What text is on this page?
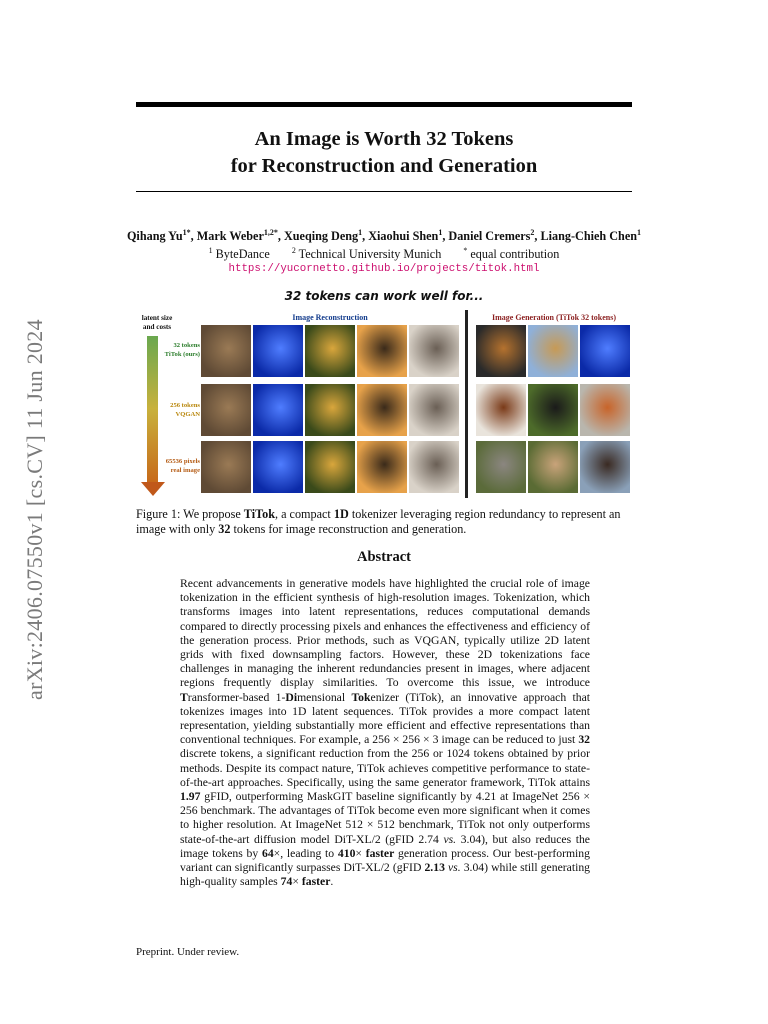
arXiv:2406.07550v1 [cs.CV] 11 Jun 2024
An Image is Worth 32 Tokens
for Reconstruction and Generation
Qihang $Yu^{1*}$, Mark Weber$^{1,2*}$, Xueqing Deng$^1$, Xiaohui Shen$^1$, Daniel Cremers$^2$, Liang-Chieh Chen$^1$
$^1$ ByteDance	$^2$ Technical University Munich	* equal contribution
https://yucornetto.github.io/projects/titok.html
32 tokens can work well for...
latent size
and costs
Image Reconstruction	Image Generation (TiTok 32 tokens)
32 tokens
TiTok (ours)
256 tokens
VQGAN
65536 pixels
real image
Figure 1: We propose TiTok, a compact 1D tokenizer leveraging region redundancy to represent an image with only 32 tokens for image reconstruction and generation.
Abstract
Recent advancements in generative models have highlighted the crucial role of image tokenization in the efficient synthesis of high-resolution images. Tokenization, which transforms images into latent representations, reduces computational demands compared to directly processing pixels and enhances the effectiveness and efficiency of the generation process. Prior methods, such as VQGAN, typically utilize 2D latent grids with fixed downsampling factors. However, these 2D tokenizations face challenges in managing the inherent redundancies present in images, where adjacent regions frequently display similarities. To overcome this issue, we introduce Transformer-based 1-Dimensional Tokenizer (TiTok), an innovative approach that tokenizes images into 1D latent sequences. TiTok provides a more compact latent representation, yielding substantially more efficient and effective representations than conventional techniques. For example, a 256 × 256 × 3 image can be reduced to just 32 discrete tokens, a significant reduction from the 256 or 1024 tokens obtained by prior methods. Despite its compact nature, TiTok achieves competitive performance to state-of-the-art approaches. Specifically, using the same generator framework, TiTok attains 1.97 gFID, outperforming MaskGIT baseline significantly by 4.21 at ImageNet 256 × 256 benchmark. The advantages of TiTok become even more significant when it comes to higher resolution. At ImageNet 512 × 512 benchmark, TiTok not only outperforms state-of-the-art diffusion model DiT-XL/2 (gFID 2.74 vs. 3.04), but also reduces the image tokens by 64×, leading to 410× faster generation process. Our best-performing variant can significantly surpasses DiT-XL/2 (gFID 2.13 vs. 3.04) while still generating high-quality samples 74× faster.
Preprint. Under review.
